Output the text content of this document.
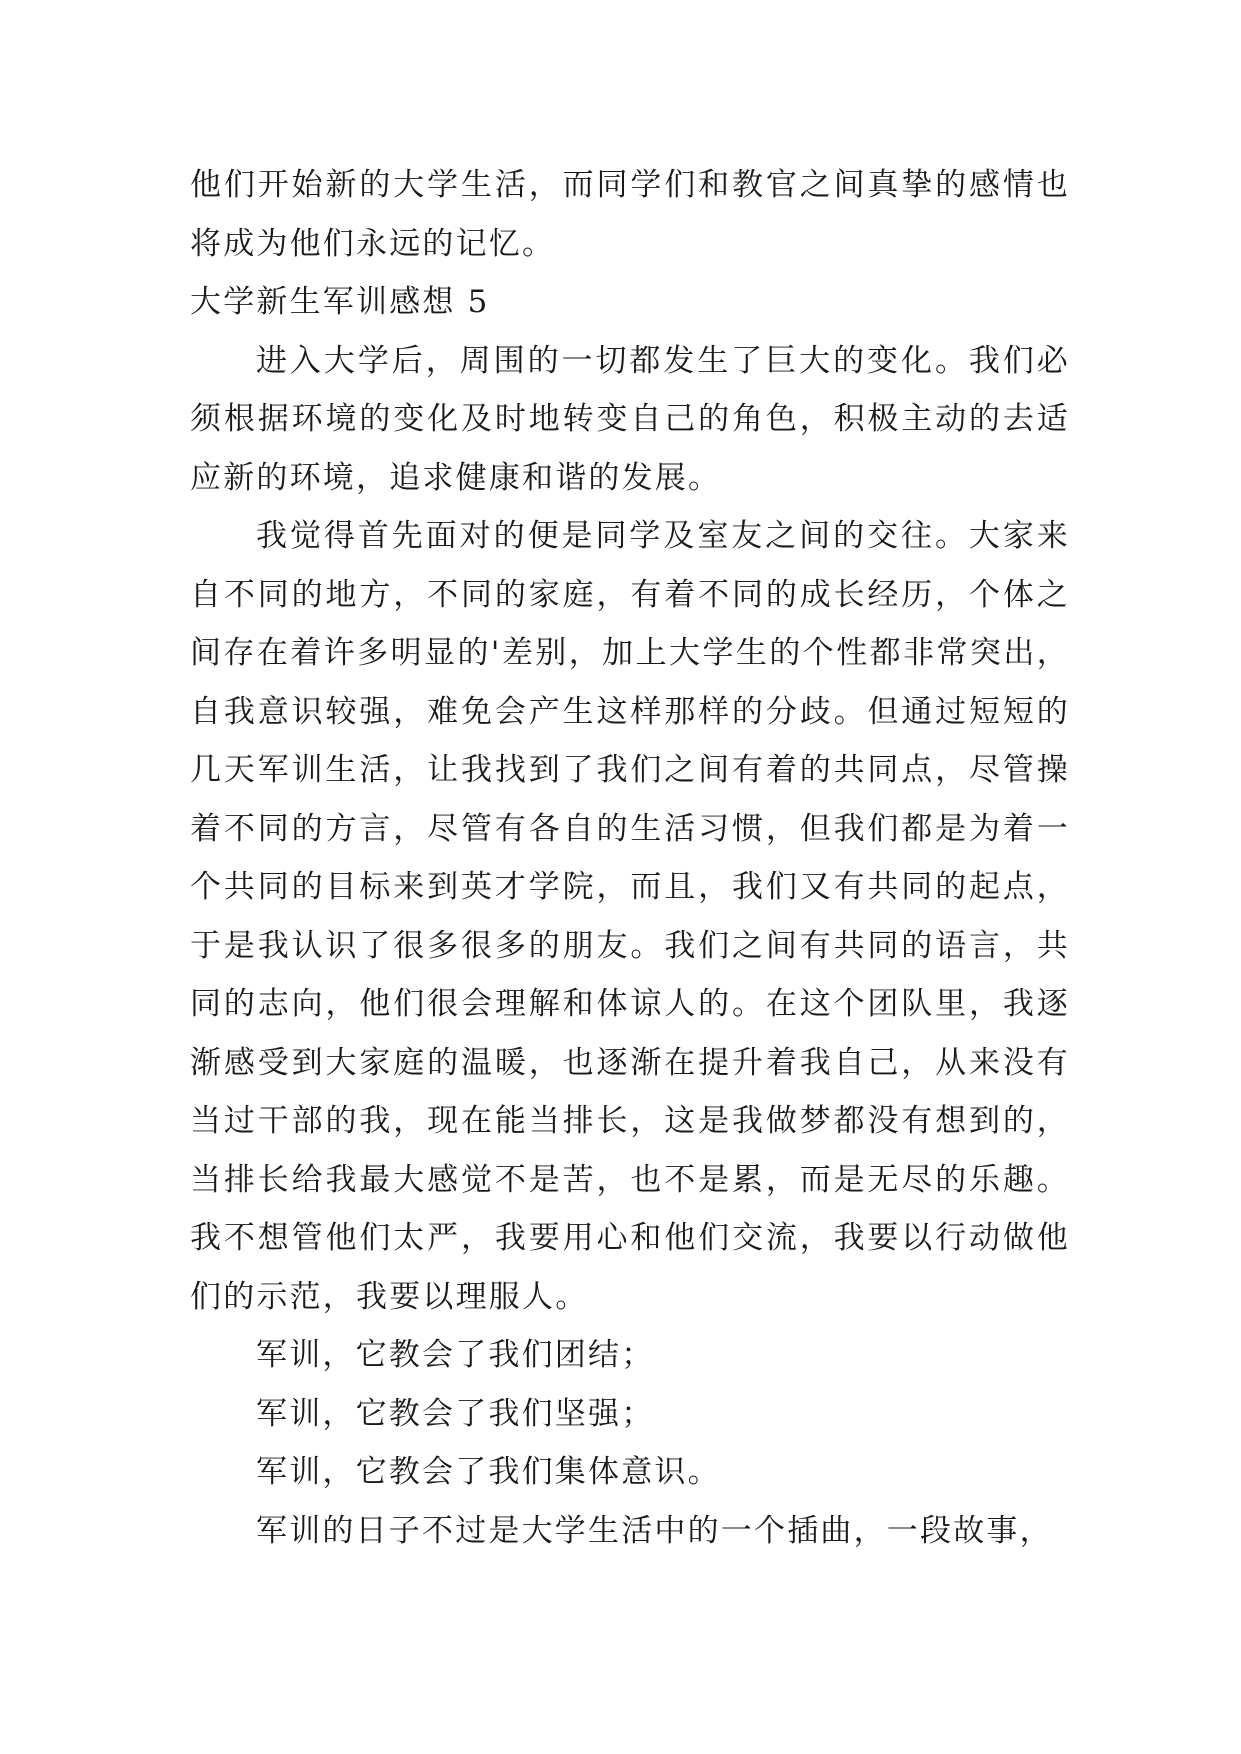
他们开始新的大学生活，而同学们和教官之间真挚的感情也将成为他们永远的记忆。

大学新生军训感想 5

进入大学后，周围的一切都发生了巨大的变化。我们必须根据环境的变化及时地转变自己的角色，积极主动的去适应新的环境，追求健康和谐的发展。

我觉得首先面对的便是同学及室友之间的交往。大家来自不同的地方，不同的家庭，有着不同的成长经历，个体之间存在着许多明显的'差别，加上大学生的个性都非常突出，自我意识较强，难免会产生这样那样的分歧。但通过短短的几天军训生活，让我找到了我们之间有着的共同点，尽管操着不同的方言，尽管有各自的生活习惯，但我们都是为着一个共同的目标来到英才学院，而且，我们又有共同的起点，于是我认识了很多很多的朋友。我们之间有共同的语言，共同的志向，他们很会理解和体谅人的。在这个团队里，我逐渐感受到大家庭的温暖，也逐渐在提升着我自己，从来没有当过干部的我，现在能当排长，这是我做梦都没有想到的，当排长给我最大感觉不是苦，也不是累，而是无尽的乐趣。我不想管他们太严，我要用心和他们交流，我要以行动做他们的示范，我要以理服人。

军训，它教会了我们团结；

军训，它教会了我们坚强；

军训，它教会了我们集体意识。

军训的日子不过是大学生活中的一个插曲，一段故事，
